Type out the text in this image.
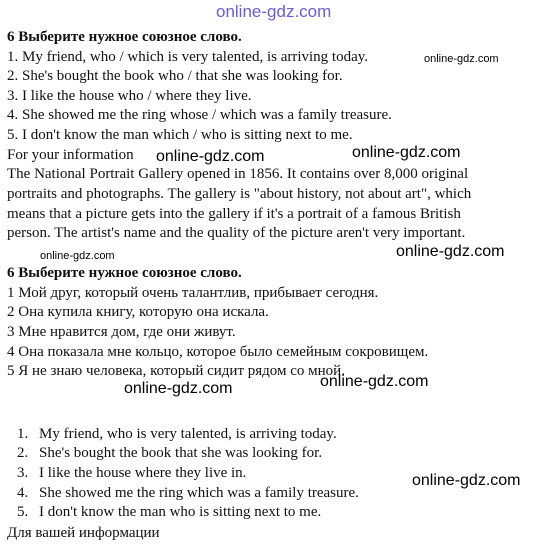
online-gdz.com
online-gdz.com
online-gdz.com	online-gdz.com
online-gdz.com
online-gdz.com
online-gdz.com	online-gdz.com
online-gdz.com
6 Выберите нужное союзное слово.
1. My friend, who / which is very talented, is arriving today.
2. She's bought the book who / that she was looking for.
3. I like the house who / where they live.
4. She showed me the ring whose / which was a family treasure.
5. I don't know the man which / who is sitting next to me.
For your information
The National Portrait Gallery opened in 1856. It contains over 8,000 original
portraits and photographs. The gallery is "about history, not about art", which
means that a picture gets into the gallery if it's a portrait of a famous British
person. The artist's name and the quality of the picture aren't very important.
6 Выберите нужное союзное слово.
1 Мой друг, который очень талантлив, прибывает сегодня.
2 Она купила книгу, которую она искала.
3 Мне нравится дом, где они живут.
4 Она показала мне кольцо, которое было семейным сокровищем.
5 Я не знаю человека, который сидит рядом со мной.
1. My friend, who is very talented, is arriving today.
2. She's bought the book that she was looking for.
3. I like the house where they live in.
4. She showed me the ring which was a family treasure.
5. I don't know the man who is sitting next to me.
Для вашей информации
